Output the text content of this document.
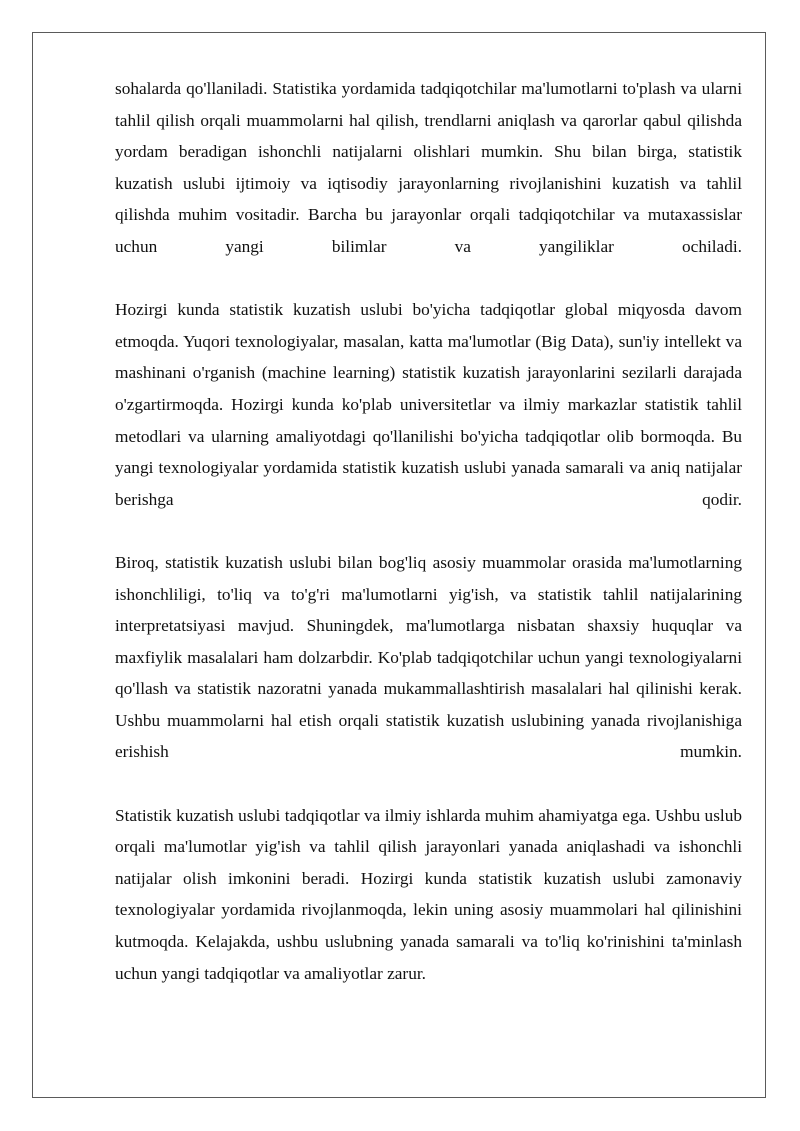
sohalarda qo'llaniladi. Statistika yordamida tadqiqotchilar ma'lumotlarni to'plash va ularni tahlil qilish orqali muammolarni hal qilish, trendlarni aniqlash va qarorlar qabul qilishda yordam beradigan ishonchli natijalarni olishlari mumkin. Shu bilan birga, statistik kuzatish uslubi ijtimoiy va iqtisodiy jarayonlarning rivojlanishini kuzatish va tahlil qilishda muhim vositadir. Barcha bu jarayonlar orqali tadqiqotchilar va mutaxassislar uchun yangi bilimlar va yangiliklar ochiladi.

Hozirgi kunda statistik kuzatish uslubi bo'yicha tadqiqotlar global miqyosda davom etmoqda. Yuqori texnologiyalar, masalan, katta ma'lumotlar (Big Data), sun'iy intellekt va mashinani o'rganish (machine learning) statistik kuzatish jarayonlarini sezilarli darajada o'zgartirmoqda. Hozirgi kunda ko'plab universitetlar va ilmiy markazlar statistik tahlil metodlari va ularning amaliyotdagi qo'llanilishi bo'yicha tadqiqotlar olib bormoqda. Bu yangi texnologiyalar yordamida statistik kuzatish uslubi yanada samarali va aniq natijalar berishga qodir.

Biroq, statistik kuzatish uslubi bilan bog'liq asosiy muammolar orasida ma'lumotlarning ishonchliligi, to'liq va to'g'ri ma'lumotlarni yig'ish, va statistik tahlil natijalarining interpretatsiyasi mavjud. Shuningdek, ma'lumotlarga nisbatan shaxsiy huquqlar va maxfiylik masalalari ham dolzarbdir. Ko'plab tadqiqotchilar uchun yangi texnologiyalarni qo'llash va statistik nazoratni yanada mukammallashtirish masalalari hal qilinishi kerak. Ushbu muammolarni hal etish orqali statistik kuzatish uslubining yanada rivojlanishiga erishish mumkin.

Statistik kuzatish uslubi tadqiqotlar va ilmiy ishlarda muhim ahamiyatga ega. Ushbu uslub orqali ma'lumotlar yig'ish va tahlil qilish jarayonlari yanada aniqlashadi va ishonchli natijalar olish imkonini beradi. Hozirgi kunda statistik kuzatish uslubi zamonaviy texnologiyalar yordamida rivojlanmoqda, lekin uning asosiy muammolari hal qilinishini kutmoqda. Kelajakda, ushbu uslubning yanada samarali va to'liq ko'rinishini ta'minlash uchun yangi tadqiqotlar va amaliyotlar zarur.
